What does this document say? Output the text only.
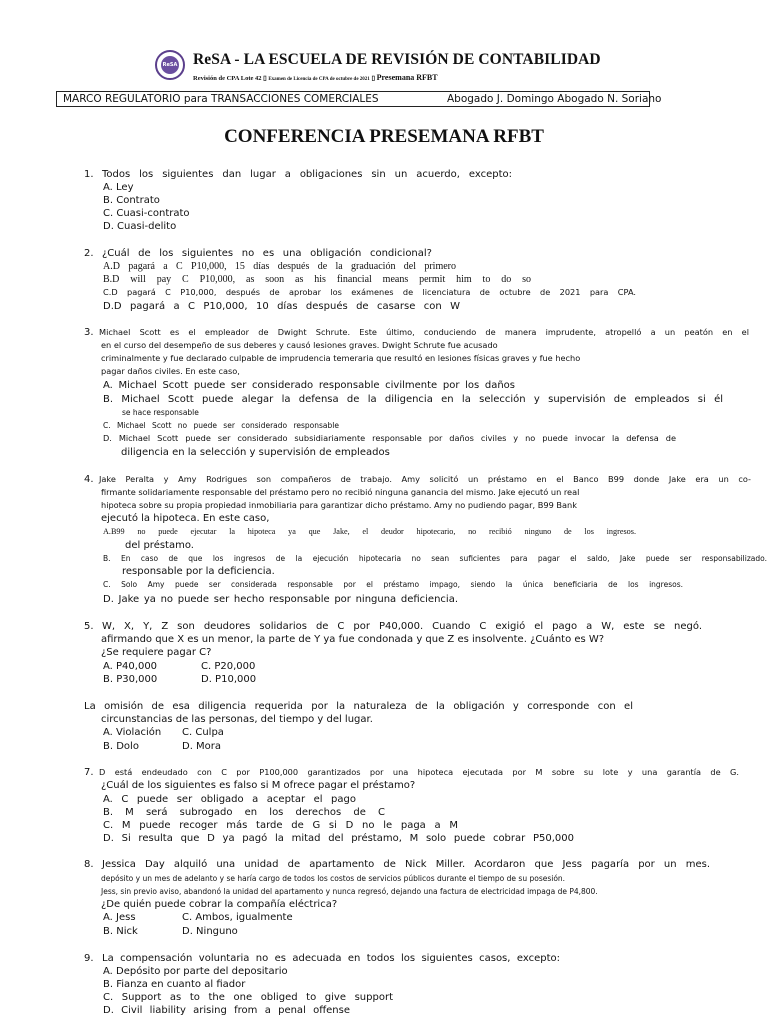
ReSA ReSA - LA ESCUELA DE REVISIÓN DE CONTABILIDAD
Revisión de CPA Lote 42 ▯ Examen de Licencia de CPA de octubre de 2021 ▯ Presemana RFBT
MARCO REGULATORIO para TRANSACCIONES COMERCIALES	Abogado J. Domingo Abogado N. Soriano
CONFERENCIA PRESEMANA RFBT
1. Todos los siguientes dan lugar a obligaciones sin un acuerdo, excepto:
A. Ley
B. Contrato
C. Cuasi-contrato
D. Cuasi-delito
2. ¿Cuál de los siguientes no es una obligación condicional?
A.D pagará a C P10,000, 15 días después de la graduación del primero
B.D will pay C P10,000, as soon as his financial means permit him to do so
C.D pagará C P10,000, después de aprobar los exámenes de licenciatura de octubre de 2021 para CPA.
D.D pagará a C P10,000, 10 días después de casarse con W
3. Michael Scott es el empleador de Dwight Schrute. Este último, conduciendo de manera imprudente, atropelló a un peatón en el
en el curso del desempeño de sus deberes y causó lesiones graves. Dwight Schrute fue acusado
criminalmente y fue declarado culpable de imprudencia temeraria que resultó en lesiones físicas graves y fue hecho
pagar daños civiles. En este caso,
A. Michael Scott puede ser considerado responsable civilmente por los daños
B. Michael Scott puede alegar la defensa de la diligencia en la selección y supervisión de empleados si él
se hace responsable
C. Michael Scott no puede ser considerado responsable
D. Michael Scott puede ser considerado subsidiariamente responsable por daños civiles y no puede invocar la defensa de
diligencia en la selección y supervisión de empleados
4. Jake Peralta y Amy Rodrigues son compañeros de trabajo. Amy solicitó un préstamo en el Banco B99 donde Jake era un co-
firmante solidariamente responsable del préstamo pero no recibió ninguna ganancia del mismo. Jake ejecutó un real
hipoteca sobre su propia propiedad inmobiliaria para garantizar dicho préstamo. Amy no pudiendo pagar, B99 Bank
ejecutó la hipoteca. En este caso,
A.B99 no puede ejecutar la hipoteca ya que Jake, el deudor hipotecario, no recibió ninguno de los ingresos.
del préstamo.
B. En caso de que los ingresos de la ejecución hipotecaria no sean suficientes para pagar el saldo, Jake puede ser responsabilizado.
responsable por la deficiencia.
C. Solo Amy puede ser considerada responsable por el préstamo impago, siendo la única beneficiaria de los ingresos.
D. Jake ya no puede ser hecho responsable por ninguna deficiencia.
5. W, X, Y, Z son deudores solidarios de C por P40,000. Cuando C exigió el pago a W, este se negó.
afirmando que X es un menor, la parte de Y ya fue condonada y que Z es insolvente. ¿Cuánto es W?
¿Se requiere pagar C?
A. P40,000
B. P30,000
C. P20,000
D. P10,000
La omisión de esa diligencia requerida por la naturaleza de la obligación y corresponde con el
circunstancias de las personas, del tiempo y del lugar.
A. Violación
B. Dolo
C. Culpa
D. Mora
7. D está endeudado con C por P100,000 garantizados por una hipoteca ejecutada por M sobre su lote y una garantía de G.
¿Cuál de los siguientes es falso si M ofrece pagar el préstamo?
A. C puede ser obligado a aceptar el pago
B. M será subrogado en los derechos de C
C. M puede recoger más tarde de G si D no le paga a M
D. Si resulta que D ya pagó la mitad del préstamo, M solo puede cobrar P50,000
8. Jessica Day alquiló una unidad de apartamento de Nick Miller. Acordaron que Jess pagaría por un mes.
depósito y un mes de adelanto y se haría cargo de todos los costos de servicios públicos durante el tiempo de su posesión.
Jess, sin previo aviso, abandonó la unidad del apartamento y nunca regresó, dejando una factura de electricidad impaga de P4,800.
¿De quién puede cobrar la compañía eléctrica?
A. Jess
B. Nick
C. Ambos, igualmente
D. Ninguno
9. La compensación voluntaria no es adecuada en todos los siguientes casos, excepto:
A. Depósito por parte del depositario
B. Fianza en cuanto al fiador
C. Support as to the one obliged to give support
D. Civil liability arising from a penal offense
